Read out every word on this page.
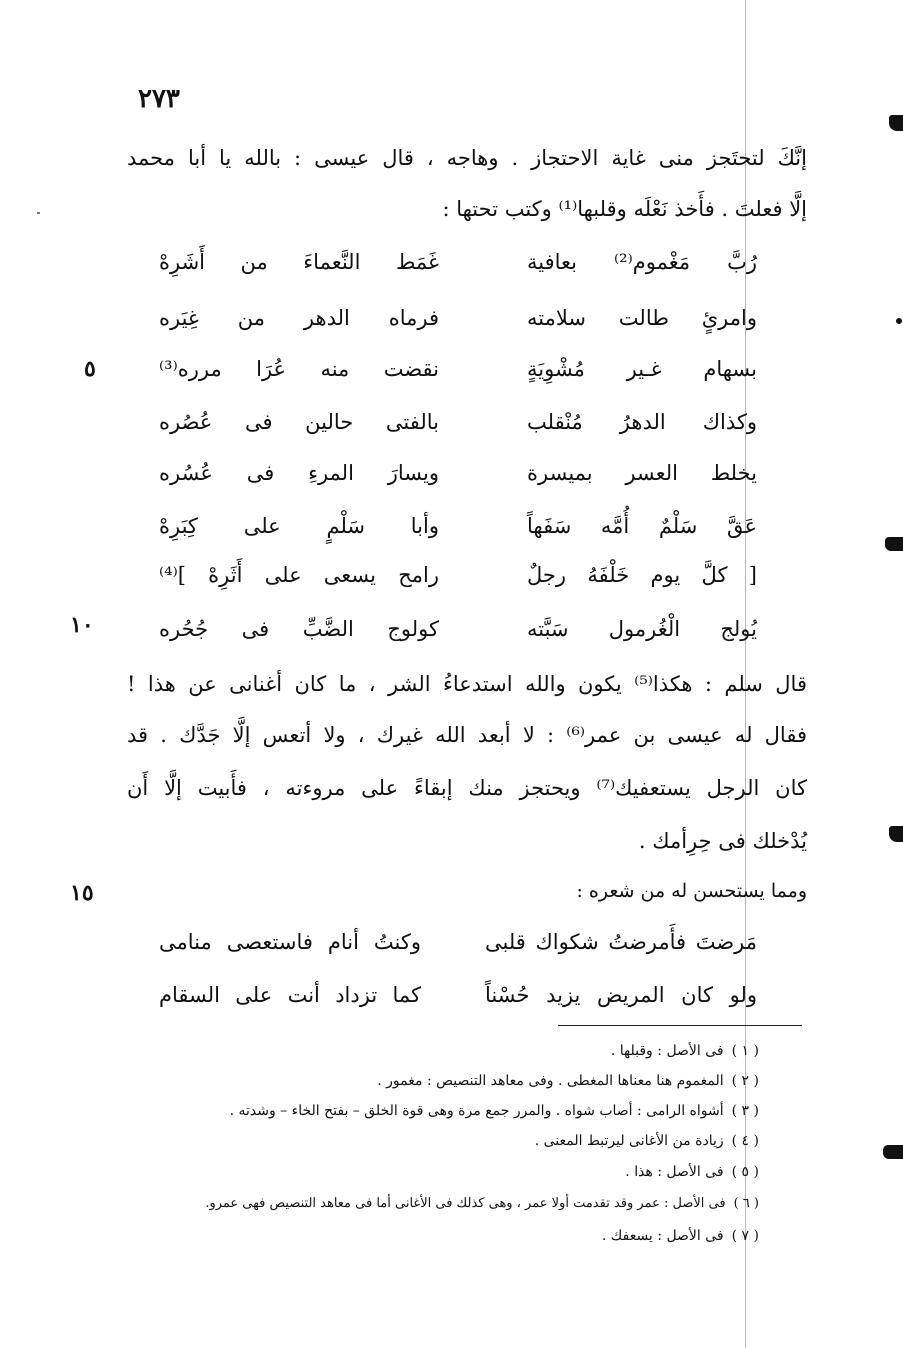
٢٧٣
٥
١٠
١٥
إنَّكَ لتحتَجز منى غاية الاحتجاز . وهاجه ، قال عيسى : بالله يا أبا محمد
إلَّا فعلتَ . فأَخذ نَعْلَه وقلبها⁽¹⁾ وكتب تحتها :
رُبَّ مَغْموم⁽²⁾ بعافية
غَمَط النَّعماءَ من أَشَرِهْ
وامرئٍ طالت سلامته
فرماه الدهر من غِيَره
بسهام غـير مُشْوِيَةٍ
نقضت منه عُرَا مرره⁽³⁾
وكذاك الدهرُ مُنْقلب
بالفتى حالين فى عُصُره
يخلط العسر بميسرة
ويسارَ المرءِ فى عُسُره
عَقَّ سَلْمٌ أُمَّه سَفَهاً
وأبا سَلْمٍ على كِبَرِهْ
[ كلَّ يوم خَلْفَهُ رجلٌ
رامح يسعى على أَثَرِهْ ]⁽⁴⁾
يُولج الْغُرمول سَبَّته
كولوج الضَّبِّ فى جُحُره
قال سلم : هكذا⁽⁵⁾ يكون والله استدعاءُ الشر ، ما كان أغنانى عن هذا !
فقال له عيسى بن عمر⁽⁶⁾ : لا أبعد الله غيرك ، ولا أتعس إلَّا جَدَّك . قد
كان الرجل يستعفيك⁽⁷⁾ ويحتجز منك إبقاءً على مروءته ، فأَبيت إلَّا أَن
يُدْخلك فى حِرِأمك .
ومما يستحسن له من شعره :
مَرضتَ فأَمرضتُ شكواك قلبى
وكنتُ أنام فاستعصى منامى
ولو كان المريض يزيد حُسْناً
كما تزداد أنت على السقام
( ١ )فى الأصل : وقبلها .
( ٢ )المغموم هنا معناها المغطى . وفى معاهد التنصيص : مغمور .
( ٣ )أشواه الرامى : أصاب شواه . والمرر جمع مرة وهى قوة الخلق – بفتح الخاء – وشدته .
( ٤ )زيادة من الأغانى ليرتبط المعنى .
( ٥ )فى الأصل : هذا .
( ٦ )فى الأصل : عمر وقد تقدمت أولا عمر ، وهى كذلك فى الأغانى أما فى معاهد التنصيص فهى عمرو.
( ٧ )فى الأصل : يسعفك .
